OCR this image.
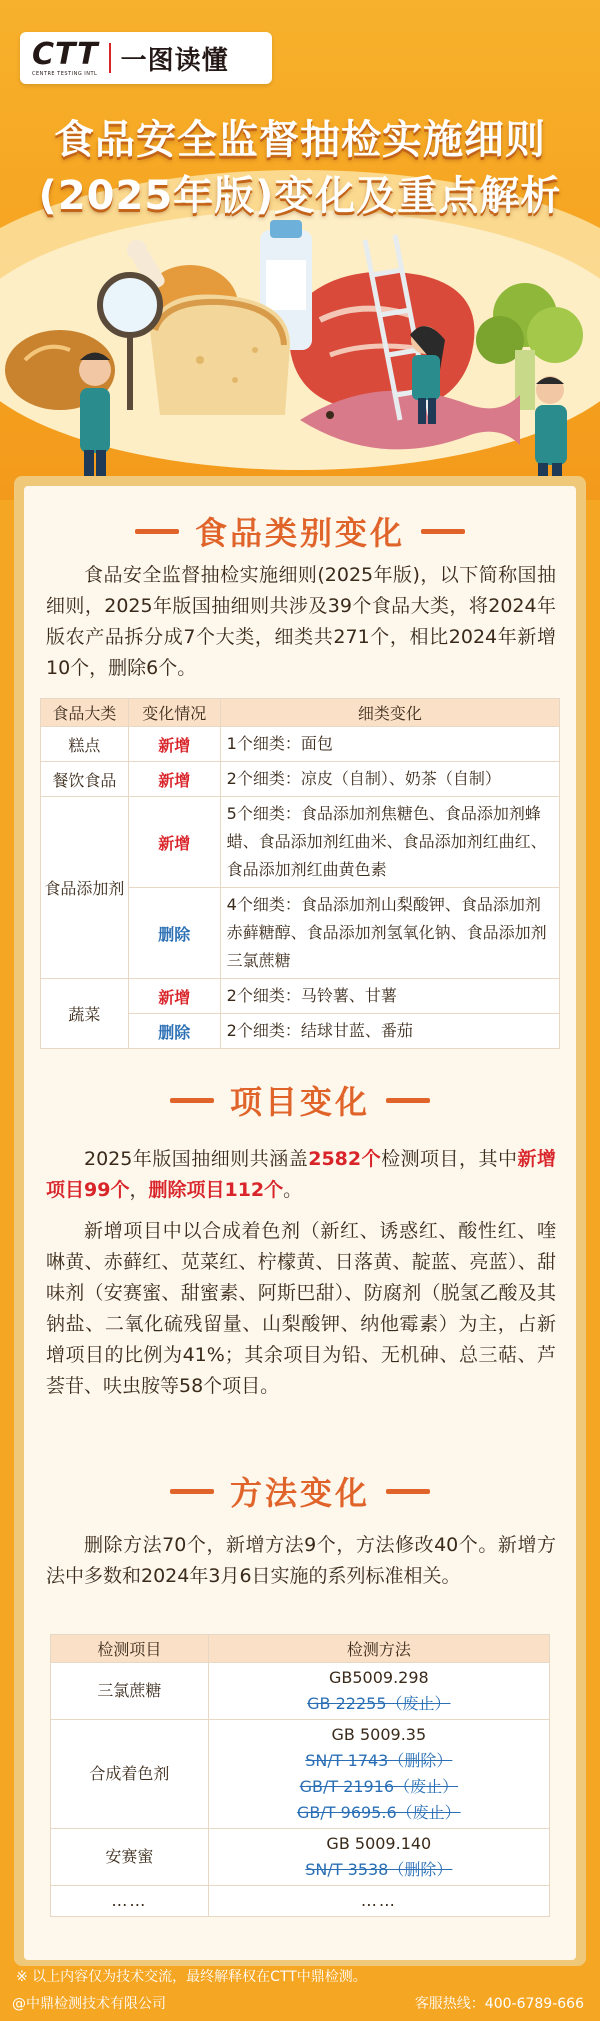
CTT
CENTRE TESTING INTL 一图读懂
食品安全监督抽检实施细则
(2025年版)变化及重点解析
食品类别变化
食品安全监督抽检实施细则(2025年版)，以下简称国抽细则，2025年版国抽细则共涉及39个食品大类，将2024年版农产品拆分成7个大类，细类共271个，相比2024年新增10个，删除6个。
食品大类	变化情况	细类变化
糕点	新增	1个细类：面包
餐饮食品	新增	2个细类：凉皮（自制）、奶茶（自制）
食品添加剂	新增	5个细类：食品添加剂焦糖色、食品添加剂蜂蜡、食品添加剂红曲米、食品添加剂红曲红、食品添加剂红曲黄色素
	删除	4个细类：食品添加剂山梨酸钾、食品添加剂赤藓糖醇、食品添加剂氢氧化钠、食品添加剂三氯蔗糖
蔬菜	新增	2个细类：马铃薯、甘薯
	删除	2个细类：结球甘蓝、番茄
项目变化
2025年版国抽细则共涵盖2582个检测项目，其中新增项目99个，删除项目112个。
新增项目中以合成着色剂（新红、诱惑红、酸性红、喹啉黄、赤藓红、苋菜红、柠檬黄、日落黄、靛蓝、亮蓝）、甜味剂（安赛蜜、甜蜜素、阿斯巴甜）、防腐剂（脱氢乙酸及其钠盐、二氧化硫残留量、山梨酸钾、纳他霉素）为主，占新增项目的比例为41%；其余项目为铅、无机砷、总三萜、芦荟苷、呋虫胺等58个项目。
方法变化
删除方法70个，新增方法9个，方法修改40个。新增方法中多数和2024年3月6日实施的系列标准相关。
检测项目	检测方法
三氯蔗糖	GB5009.298
GB 22255（废止）

合成着色剂	GB 5009.35
SN/T 1743（删除）
GB/T 21916（废止）
GB/T 9695.6（废止）

安赛蜜	GB 5009.140
SN/T 3538（删除）

……	……
※ 以上内容仅为技术交流，最终解释权在CTT中鼎检测。
@中鼎检测技术有限公司	客服热线：400-6789-666
